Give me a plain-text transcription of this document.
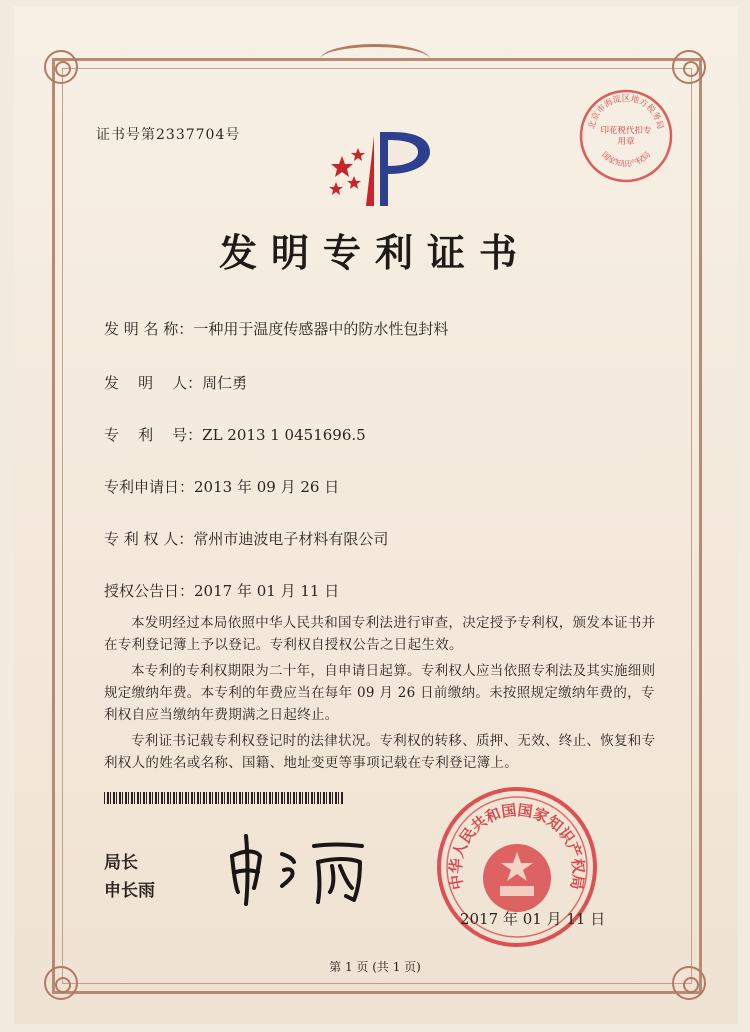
证书号第2337704号
发明专利证书
发 明 名 称：一种用于温度传感器中的防水性包封料
发    明    人：周仁勇
专    利    号：ZL 2013 1 0451696.5
专利申请日：2013 年 09 月 26 日
专 利 权 人：常州市迪波电子材料有限公司
授权公告日：2017 年 01 月 11 日

本发明经过本局依照中华人民共和国专利法进行审查，决定授予专利权，颁发本证书并在专利登记簿上予以登记。专利权自授权公告之日起生效。

本专利的专利权期限为二十年，自申请日起算。专利权人应当依照专利法及其实施细则规定缴纳年费。本专利的年费应当在每年 09 月 26 日前缴纳。未按照规定缴纳年费的，专利权自应当缴纳年费期满之日起终止。

专利证书记载专利权登记时的法律状况。专利权的转移、质押、无效、终止、恢复和专利权人的姓名或名称、国籍、地址变更等事项记载在专利登记簿上。

局长
申长雨	中华人民共和国国家知识产权局
北京市海淀区地方税务局
国家知识产权局
印花税代扣专用章
2017 年 01 月 11 日
第 1 页 (共 1 页)
